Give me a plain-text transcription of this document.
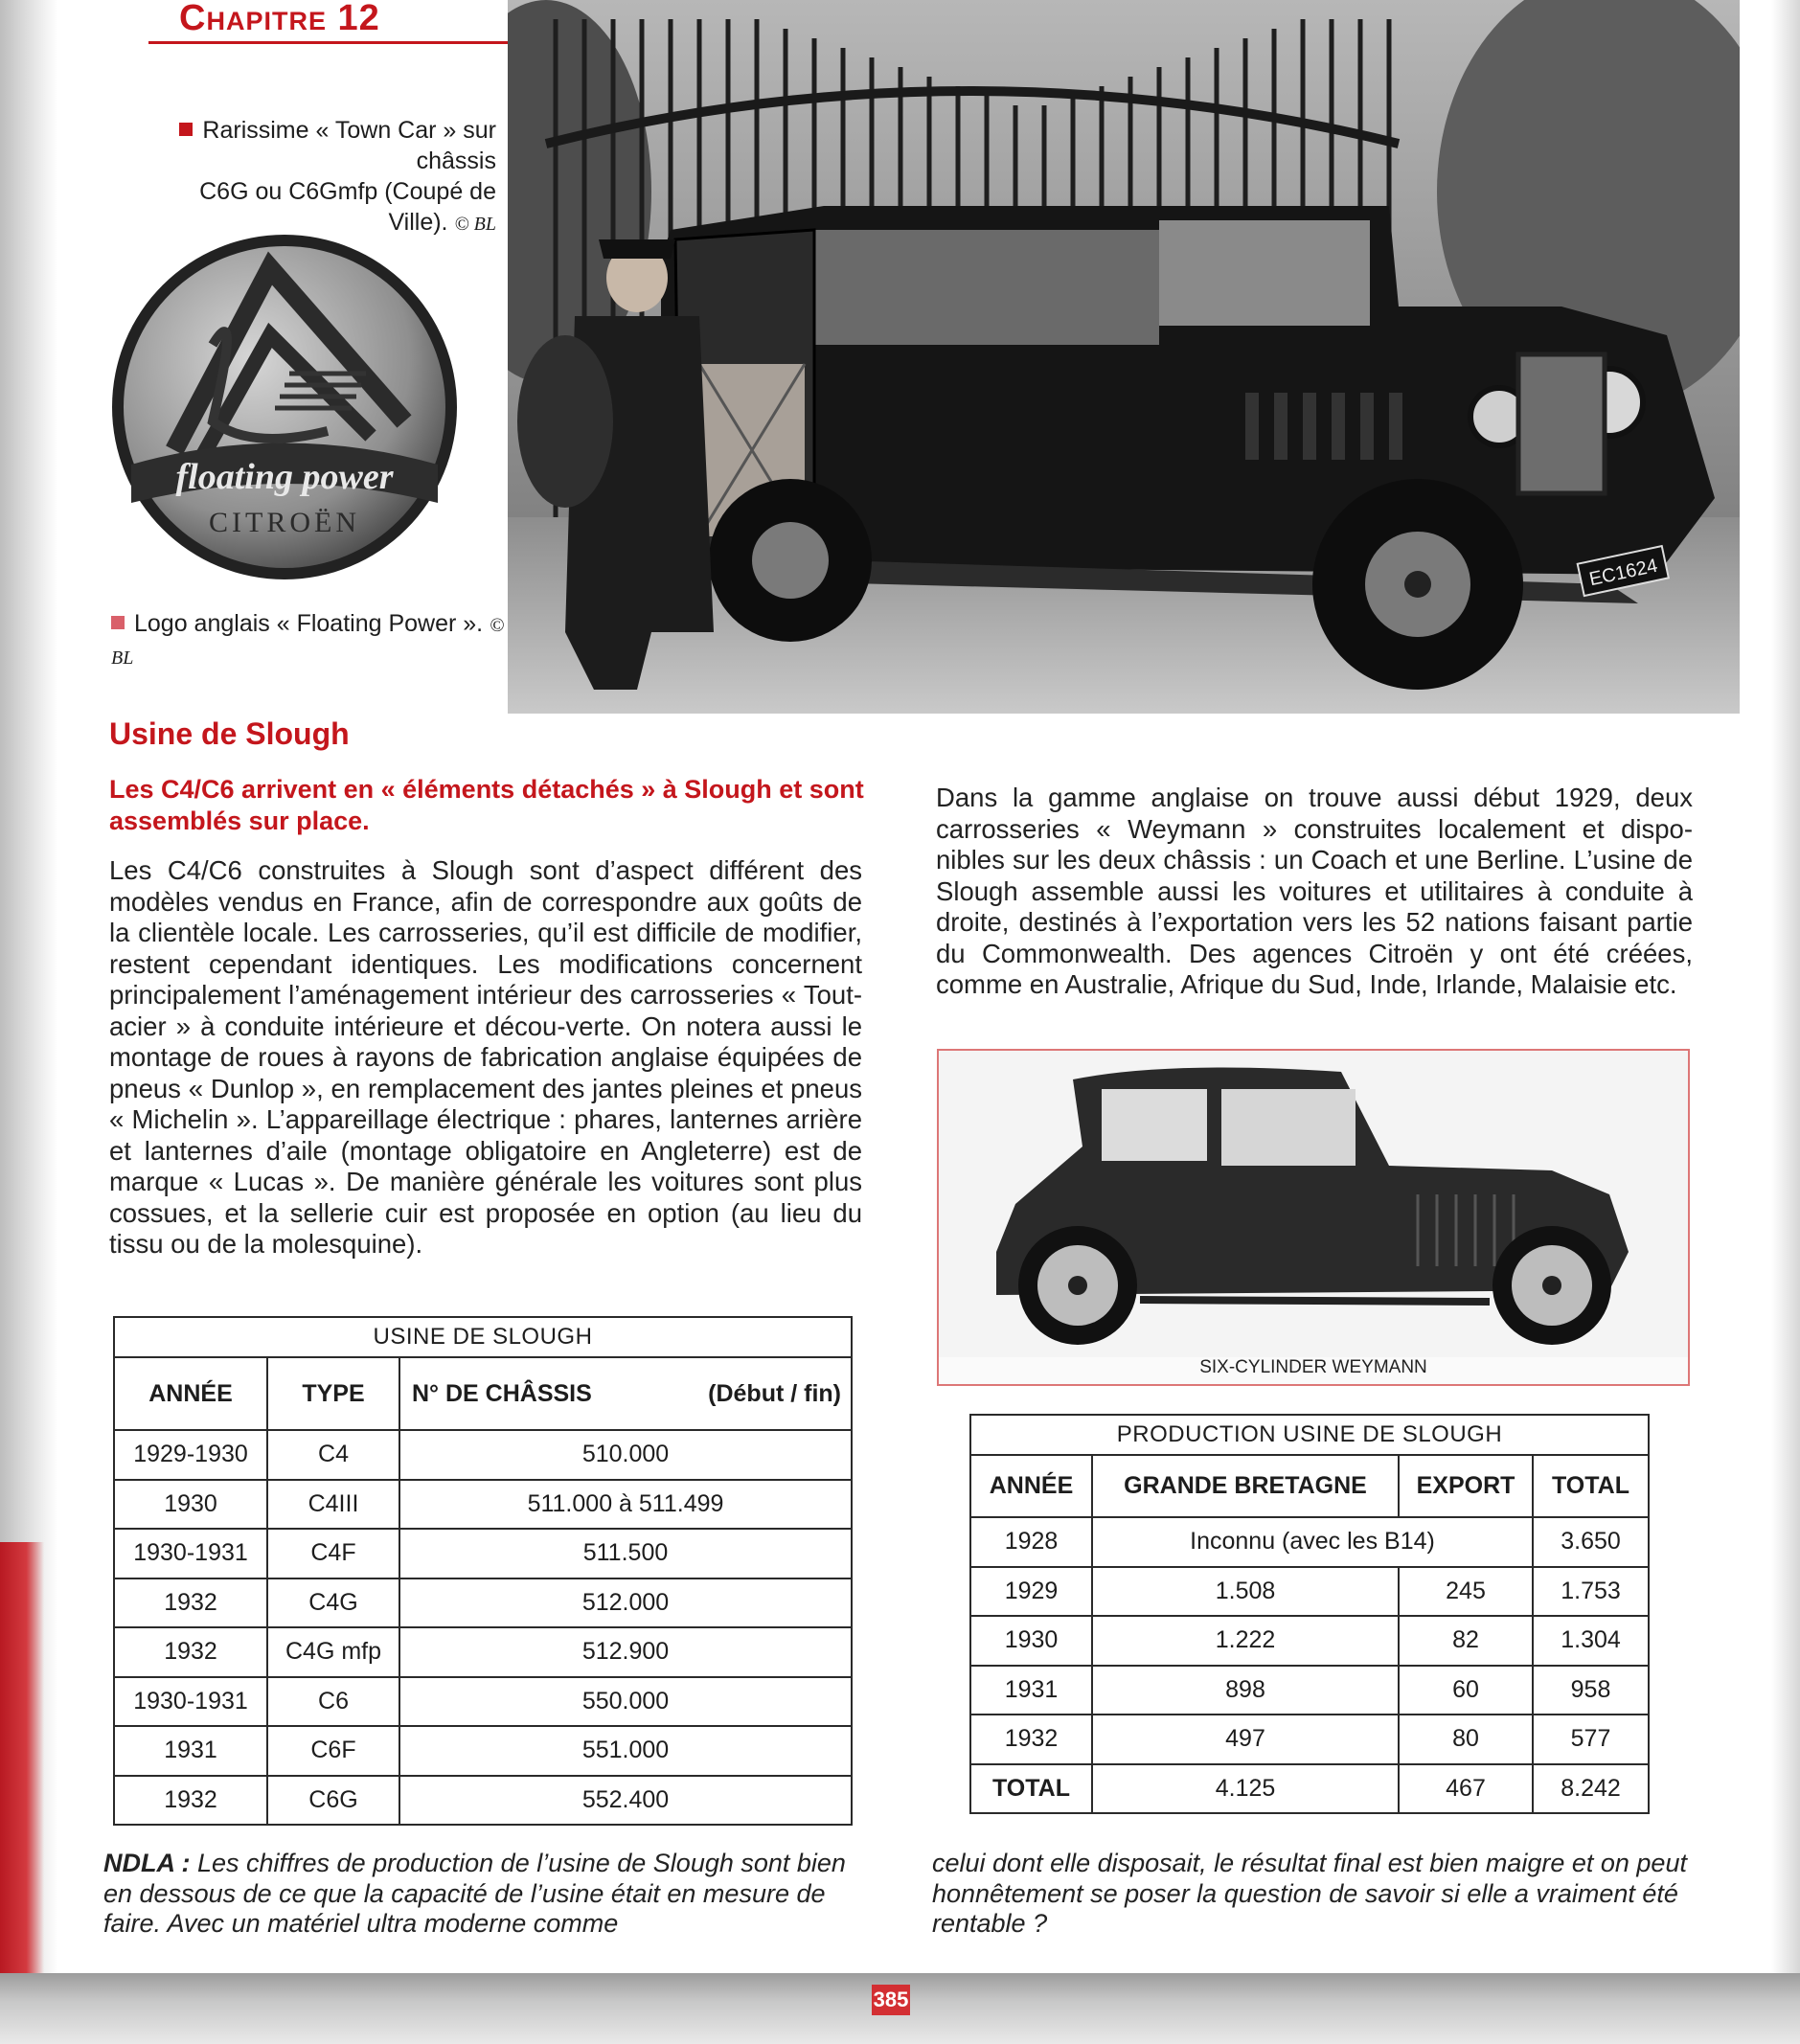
Chapitre 12
Rarissime « Town Car » sur châssis
C6G ou C6Gmfp (Coupé de Ville). © BL
EC1624
floating power
CITROËN
Logo anglais « Floating Power ». © BL
Usine de Slough
Les C4/C6 arrivent en « éléments détachés » à Slough et sont assemblés sur place.
Les C4/C6 construites à Slough sont d’aspect différent des modèles vendus en France, afin de correspondre aux goûts de la clientèle locale. Les carrosseries, qu’il est difficile de modifier, restent cependant identiques. Les modifications concernent principalement l’aménagement intérieur des carrosseries « Tout-acier » à conduite intérieure et décou-verte. On notera aussi le montage de roues à rayons de fabrication anglaise équipées de pneus « Dunlop », en remplacement des jantes pleines et pneus « Michelin ». L’appareillage électrique : phares, lanternes arrière et lanternes d’aile (montage obligatoire en Angleterre) est de marque « Lucas ». De manière générale les voitures sont plus cossues, et la sellerie cuir est proposée en option (au lieu du tissu ou de la molesquine).
Dans la gamme anglaise on trouve aussi début 1929, deux carrosseries « Weymann » construites localement et dispo-nibles sur les deux châssis : un Coach et une Berline. L’usine de Slough assemble aussi les voitures et utilitaires à conduite à droite, destinés à l’exportation vers les 52 nations faisant partie du Commonwealth. Des agences Citroën y ont été créées, comme en Australie, Afrique du Sud, Inde, Irlande, Malaisie etc.
SIX-CYLINDER WEYMANN
USINE DE SLOUGH		
ANNÉE	TYPE	N° DE CHÂSSIS (Début / fin)

1929-1930	C4	510.000
1930	C4III	511.000 à 511.499
1930-1931	C4F	511.500
1932	C4G	512.000
1932	C4G mfp	512.900
1930-1931	C6	550.000
1931	C6F	551.000
1932	C6G	552.400
PRODUCTION USINE DE SLOUGH			
ANNÉE	GRANDE BRETAGNE	EXPORT	TOTAL
1928	Inconnu (avec les B14)		3.650
1929	1.508	245	1.753
1930	1.222	82	1.304
1931	898	60	958
1932	497	80	577
TOTAL	4.125	467	8.242
NDLA : Les chiffres de production de l’usine de Slough sont bien en dessous de ce que la capacité de l’usine était en mesure de faire. Avec un matériel ultra moderne comme
celui dont elle disposait, le résultat final est bien maigre et on peut honnêtement se poser la question de savoir si elle a vraiment été rentable ?
385
